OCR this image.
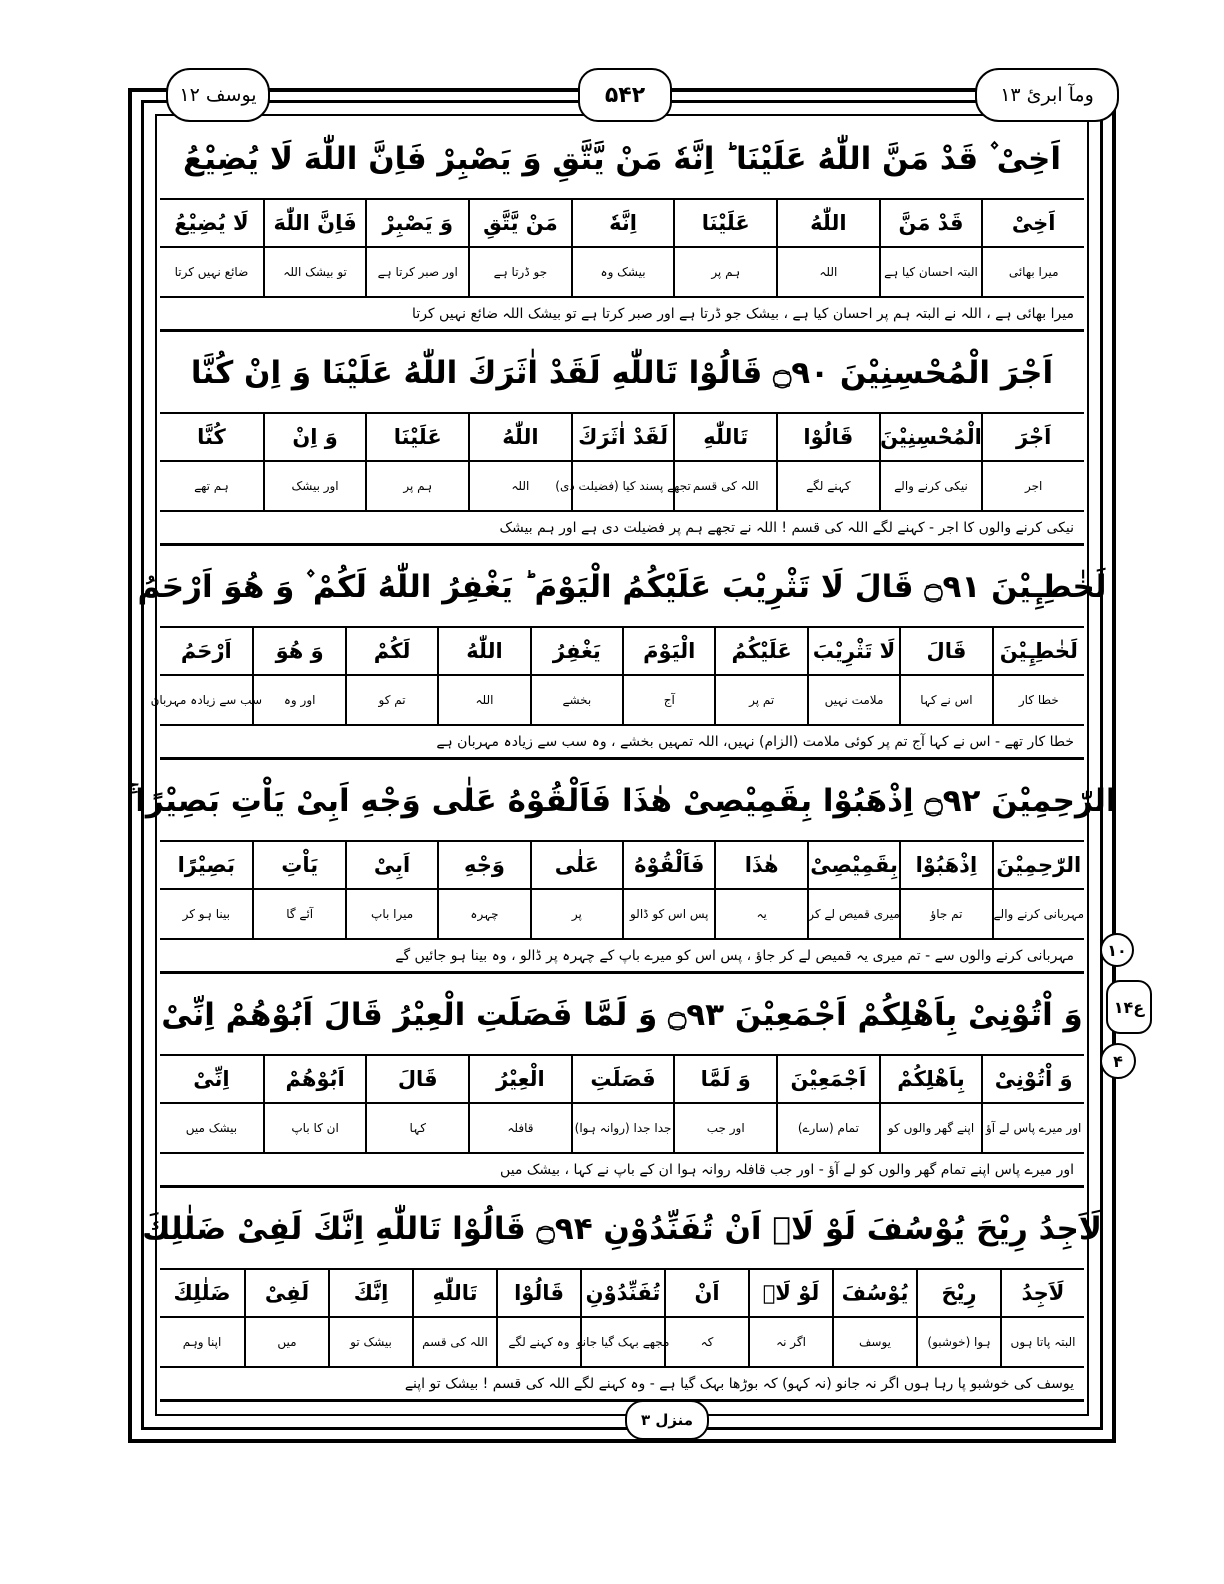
ومآ ابرئ ۱۳
۵۴۲
یوسف ۱۲
۱۰
ع۱۴
۴
اَخِیْ ۫ قَدْ مَنَّ اللّٰهُ عَلَیْنَا ؕ اِنَّهٗ مَنْ یَّتَّقِ وَ یَصْبِرْ فَاِنَّ اللّٰهَ لَا یُضِیْعُ
اَخِیْ
قَدْ مَنَّ
اللّٰهُ
عَلَیْنَا
اِنَّهٗ
مَنْ یَّتَّقِ
وَ یَصْبِرْ
فَاِنَّ اللّٰهَ
لَا یُضِیْعُ
میرا بھائی
البتہ احسان کیا ہے
اللہ
ہم پر
بیشک وہ
جو ڈرتا ہے
اور صبر کرتا ہے
تو بیشک اللہ
ضائع نہیں کرتا
میرا بھائی ہے ، اللہ نے البتہ ہم پر احسان کیا ہے ، بیشک جو ڈرتا ہے اور صبر کرتا ہے تو بیشک اللہ ضائع نہیں کرتا
اَجْرَ الْمُحْسِنِیْنَ ۝۹۰ قَالُوْا تَاللّٰهِ لَقَدْ اٰثَرَكَ اللّٰهُ عَلَیْنَا وَ اِنْ كُنَّا
اَجْرَ
الْمُحْسِنِیْنَ
قَالُوْا
تَاللّٰهِ
لَقَدْ اٰثَرَكَ
اللّٰهُ
عَلَیْنَا
وَ اِنْ
كُنَّا
اجر
نیکی کرنے والے
کہنے لگے
اللہ کی قسم
تجھے پسند کیا (فضیلت دی)
اللہ
ہم پر
اور بیشک
ہم تھے
نیکی کرنے والوں کا اجر - کہنے لگے اللہ کی قسم ! اللہ نے تجھے ہم پر فضیلت دی ہے اور ہم بیشک
لَخٰطِـِٕیْنَ ۝۹۱ قَالَ لَا تَثْرِیْبَ عَلَیْكُمُ الْیَوْمَ ؕ یَغْفِرُ اللّٰهُ لَكُمْ ۫ وَ هُوَ اَرْحَمُ
لَخٰطِـِٕیْنَ
قَالَ
لَا تَثْرِیْبَ
عَلَیْكُمُ
الْیَوْمَ
یَغْفِرُ
اللّٰهُ
لَكُمْ
وَ هُوَ
اَرْحَمُ
خطا کار
اس نے کہا
ملامت نہیں
تم پر
آج
بخشے
اللہ
تم کو
اور وہ
سب سے زیادہ مہربان
خطا کار تھے - اس نے کہا آج تم پر کوئی ملامت (الزام) نہیں، اللہ تمہیں بخشے ، وہ سب سے زیادہ مہربان ہے
الرّٰحِمِیْنَ ۝۹۲ اِذْهَبُوْا بِقَمِیْصِیْ هٰذَا فَاَلْقُوْهُ عَلٰى وَجْهِ اَبِیْ یَاْتِ بَصِیْرًا ۚ
الرّٰحِمِیْنَ
اِذْهَبُوْا
بِقَمِیْصِیْ
هٰذَا
فَاَلْقُوْهُ
عَلٰى
وَجْهِ
اَبِیْ
یَاْتِ
بَصِیْرًا
مہربانی کرنے والے
تم جاؤ
میری قمیص لے کر
یہ
پس اس کو ڈالو
پر
چہرہ
میرا باپ
آئے گا
بینا ہو کر
مہربانی کرنے والوں سے - تم میری یہ قمیص لے کر جاؤ ، پس اس کو میرے باپ کے چہرہ پر ڈالو ، وہ بینا ہو جائیں گے
وَ اْتُوْنِیْ بِاَهْلِكُمْ اَجْمَعِیْنَ ۝۹۳ وَ لَمَّا فَصَلَتِ الْعِیْرُ قَالَ اَبُوْهُمْ اِنِّیْ
وَ اْتُوْنِیْ
بِاَهْلِكُمْ
اَجْمَعِیْنَ
وَ لَمَّا
فَصَلَتِ
الْعِیْرُ
قَالَ
اَبُوْهُمْ
اِنِّیْ
اور میرے پاس لے آؤ
اپنے گھر والوں کو
تمام (سارے)
اور جب
جدا جدا (روانہ ہوا)
قافلہ
کہا
ان کا باپ
بیشک میں
اور میرے پاس اپنے تمام گھر والوں کو لے آؤ - اور جب قافلہ روانہ ہوا ان کے باپ نے کہا ، بیشک میں
لَاَجِدُ رِیْحَ یُوْسُفَ لَوْ لَاۤ اَنْ تُفَنِّدُوْنِ ۝۹۴ قَالُوْا تَاللّٰهِ اِنَّكَ لَفِیْ ضَلٰلِكَ
لَاَجِدُ
رِیْحَ
یُوْسُفَ
لَوْ لَاۤ
اَنْ
تُفَنِّدُوْنِ
قَالُوْا
تَاللّٰهِ
اِنَّكَ
لَفِیْ
ضَلٰلِكَ
البتہ پاتا ہوں
ہوا (خوشبو)
یوسف
اگر نہ
کہ
مجھے بہک گیا جانو
وہ کہنے لگے
اللہ کی قسم
بیشک تو
میں
اپنا وہم
یوسف کی خوشبو پا رہا ہوں اگر نہ جانو (نہ کہو) کہ بوڑھا بہک گیا ہے - وہ کہنے لگے اللہ کی قسم ! بیشک تو اپنے
منزل ۳
